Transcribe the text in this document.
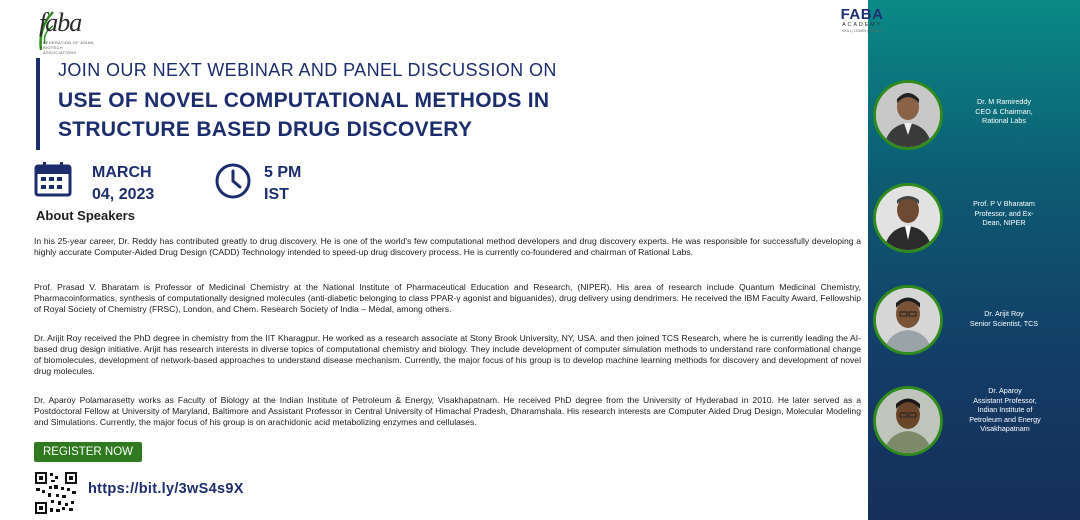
faba
FEDERATION OF ASIAN BIOTECH ASSOCIATIONS
FABA
ACADEMY
SKILL | LEARN | IMPACT
JOIN OUR NEXT WEBINAR AND PANEL DISCUSSION ON
USE OF NOVEL COMPUTATIONAL METHODS IN
STRUCTURE BASED DRUG DISCOVERY
MARCH
04, 2023
5 PM
IST
About Speakers
In his 25-year career, Dr. Reddy has contributed greatly to drug discovery. He is one of the world's few computational method developers and drug discovery experts. He was responsible for successfully developing a highly accurate Computer-Aided Drug Design (CADD) Technology intended to speed-up drug discovery process. He is currently co-foundered and chairman of Rational Labs.
Prof. Prasad V. Bharatam is Professor of Medicinal Chemistry at the National Institute of Pharmaceutical Education and Research, (NIPER). His area of research include Quantum Medicinal Chemistry, Pharmacoinformatics, synthesis of computationally designed molecules (anti-diabetic belonging to class PPAR-γ agonist and biguanides), drug delivery using dendrimers. He received the IBM Faculty Award, Fellowship of Royal Society of Chemistry (FRSC), London, and Chem. Research Society of India – Medal, among others.
Dr. Arijit Roy received the PhD degree in chemistry from the IIT Kharagpur. He worked as a research associate at Stony Brook University, NY, USA. and then joined TCS Research, where he is currently leading the AI-based drug design initiative. Arijit has research interests in diverse topics of computational chemistry and biology. They include development of computer simulation methods to understand rare conformational change of biomolecules, development of network-based approaches to understand disease mechanism. Currently, the major focus of his group is to develop machine learning methods for discovery and development of novel drug molecules.
Dr. Aparoy Polamarasetty works as Faculty of Biology at the Indian Institute of Petroleum & Energy, Visakhapatnam. He received PhD degree from the University of Hyderabad in 2010. He later served as a Postdoctoral Fellow at University of Maryland, Baltimore and Assistant Professor in Central University of Himachal Pradesh, Dharamshala. His research interests are Computer Aided Drug Design, Molecular Modeling and Simulations. Currently, the major focus of his group is on arachidonic acid metabolizing enzymes and cellulases.
REGISTER NOW
https://bit.ly/3wS4s9X
Dr. M Ramireddy
CEO & Chairman,
Rational Labs
Prof. P V Bharatam
Professor, and Ex-
Dean, NIPER
Dr. Arijit Roy
Senior Scientist, TCS
Dr. Aparoy
Assistant Professor,
Indian Institute of
Petroleum and Energy
Visakhapatnam
